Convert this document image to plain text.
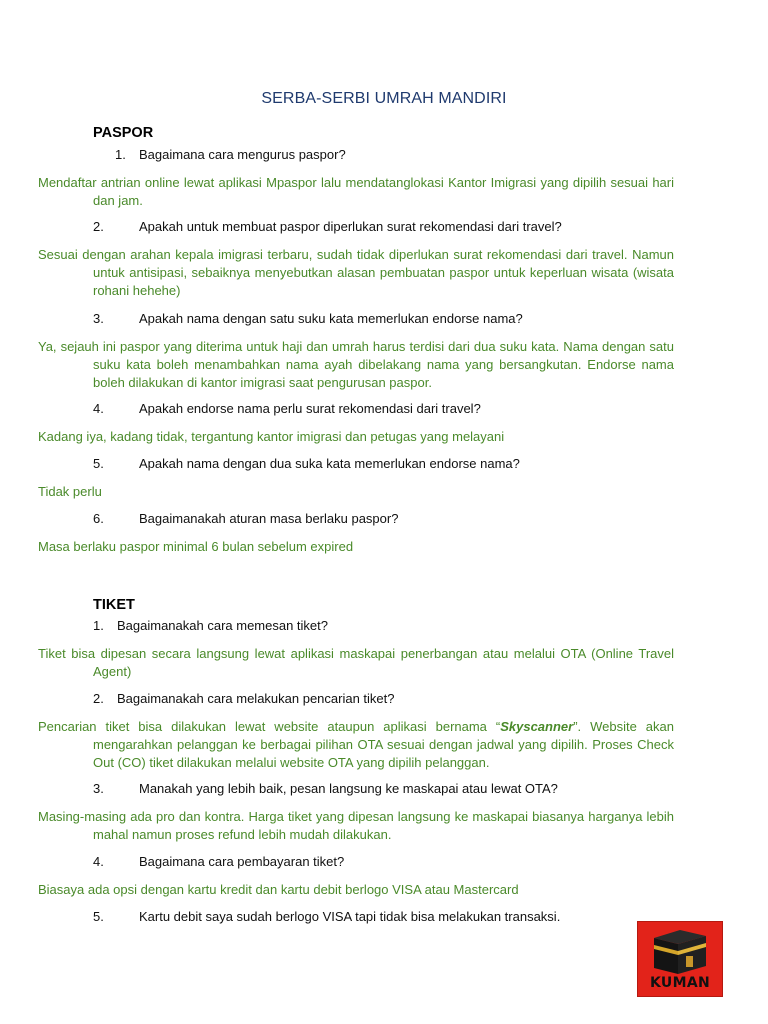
SERBA-SERBI UMRAH MANDIRI
PASPOR
1. Bagaimana cara mengurus paspor?
Mendaftar antrian online lewat aplikasi Mpaspor lalu mendatanglokasi Kantor Imigrasi yang dipilih sesuai hari dan jam.
2.	Apakah untuk membuat paspor diperlukan surat rekomendasi dari travel?
Sesuai dengan arahan kepala imigrasi terbaru, sudah tidak diperlukan surat rekomendasi dari travel. Namun untuk antisipasi, sebaiknya menyebutkan alasan pembuatan paspor untuk keperluan wisata (wisata rohani hehehe)
3.	Apakah nama dengan satu suku kata memerlukan endorse nama?
Ya, sejauh ini paspor yang diterima untuk haji dan umrah harus terdisi dari dua suku kata. Nama dengan satu suku kata boleh menambahkan nama ayah dibelakang nama yang bersangkutan. Endorse nama boleh dilakukan di kantor imigrasi saat pengurusan paspor.
4.	Apakah endorse nama perlu surat rekomendasi dari travel?
Kadang iya, kadang tidak, tergantung kantor imigrasi dan petugas yang melayani
5.	Apakah nama dengan dua suka kata memerlukan endorse nama?
Tidak perlu
6.	Bagaimanakah aturan masa berlaku paspor?
Masa berlaku paspor minimal 6 bulan sebelum expired
TIKET
1. Bagaimanakah cara memesan tiket?
Tiket bisa dipesan secara langsung lewat aplikasi maskapai penerbangan atau melalui OTA (Online Travel Agent)
2. Bagaimanakah cara melakukan pencarian tiket?
Pencarian tiket bisa dilakukan lewat website ataupun aplikasi bernama “Skyscanner”. Website akan mengarahkan pelanggan ke berbagai pilihan OTA sesuai dengan jadwal yang dipilih. Proses Check Out (CO) tiket dilakukan melalui website OTA yang dipilih pelanggan.
3.	Manakah yang lebih baik, pesan langsung ke maskapai atau lewat OTA?
Masing-masing ada pro dan kontra. Harga tiket yang dipesan langsung ke maskapai biasanya harganya lebih mahal namun proses refund lebih mudah dilakukan.
4.	Bagaimana cara pembayaran tiket?
Biasaya ada opsi dengan kartu kredit dan kartu debit berlogo VISA atau Mastercard
5.	Kartu debit saya sudah berlogo VISA tapi tidak bisa melakukan transaksi.
KUMAN
